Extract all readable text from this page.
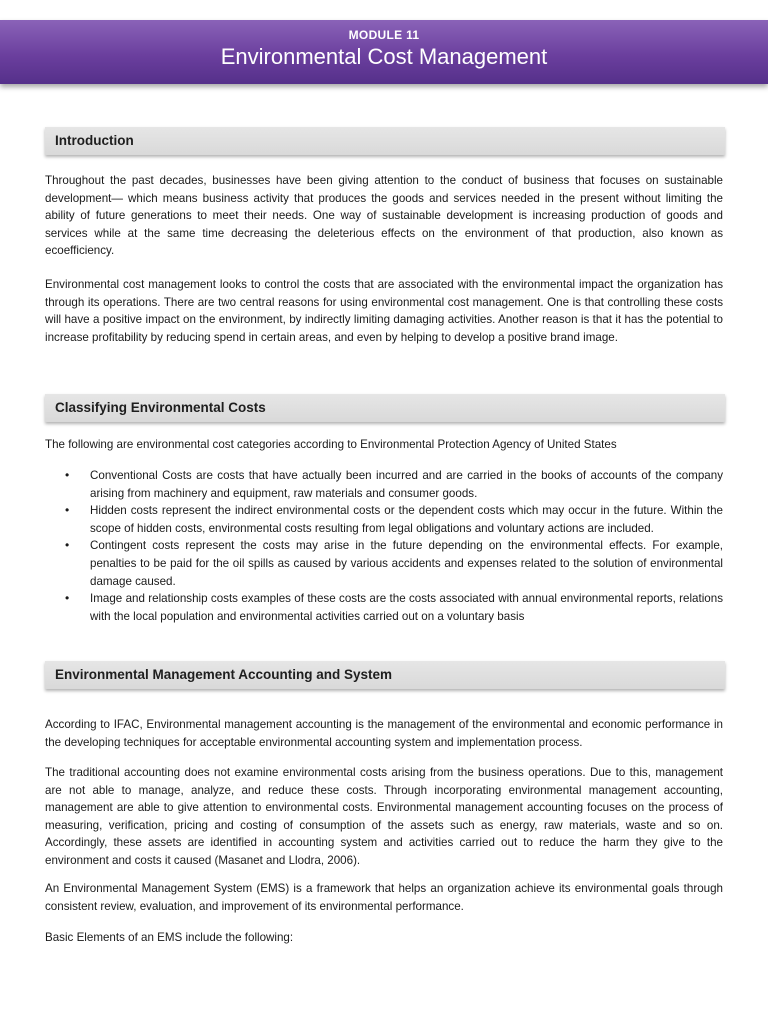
MODULE 11
Environmental Cost Management
Introduction

Throughout the past decades, businesses have been giving attention to the conduct of business that focuses on sustainable development— which means business activity that produces the goods and services needed in the present without limiting the ability of future generations to meet their needs. One way of sustainable development is increasing production of goods and services while at the same time decreasing the deleterious effects on the environment of that production, also known as ecoefficiency.

Environmental cost management looks to control the costs that are associated with the environmental impact the organization has through its operations. There are two central reasons for using environmental cost management. One is that controlling these costs will have a positive impact on the environment, by indirectly limiting damaging activities. Another reason is that it has the potential to increase profitability by reducing spend in certain areas, and even by helping to develop a positive brand image.

Classifying Environmental Costs

The following are environmental cost categories according to Environmental Protection Agency of United States

• Conventional Costs are costs that have actually been incurred and are carried in the books of accounts of the company arising from machinery and equipment, raw materials and consumer goods.
• Hidden costs represent the indirect environmental costs or the dependent costs which may occur in the future. Within the scope of hidden costs, environmental costs resulting from legal obligations and voluntary actions are included.
• Contingent costs represent the costs may arise in the future depending on the environmental effects. For example, penalties to be paid for the oil spills as caused by various accidents and expenses related to the solution of environmental damage caused.
• Image and relationship costs examples of these costs are the costs associated with annual environmental reports, relations with the local population and environmental activities carried out on a voluntary basis
Environmental Management Accounting and System

According to IFAC, Environmental management accounting is the management of the environmental and economic performance in the developing techniques for acceptable environmental accounting system and implementation process.

The traditional accounting does not examine environmental costs arising from the business operations. Due to this, management are not able to manage, analyze, and reduce these costs. Through incorporating environmental management accounting, management are able to give attention to environmental costs. Environmental management accounting focuses on the process of measuring, verification, pricing and costing of consumption of the assets such as energy, raw materials, waste and so on. Accordingly, these assets are identified in accounting system and activities carried out to reduce the harm they give to the environment and costs it caused (Masanet and Llodra, 2006).

An Environmental Management System (EMS) is a framework that helps an organization achieve its environmental goals through consistent review, evaluation, and improvement of its environmental performance.

Basic Elements of an EMS include the following:
